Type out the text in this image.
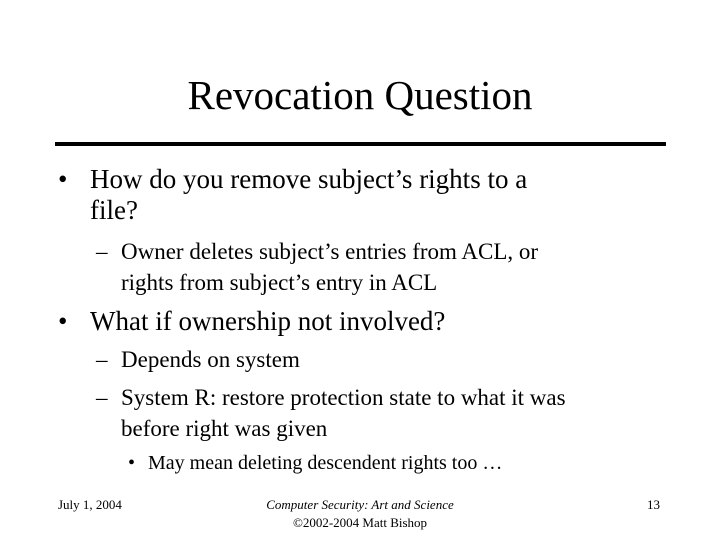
Revocation Question
• How do you remove subject’s rights to a
file?
– Owner deletes subject’s entries from ACL, or
rights from subject’s entry in ACL
• What if ownership not involved?
– Depends on system
– System R: restore protection state to what it was
before right was given
• May mean deleting descendent rights too …
July 1, 2004	Computer Security: Art and Science
©2002-2004 Matt Bishop
13
